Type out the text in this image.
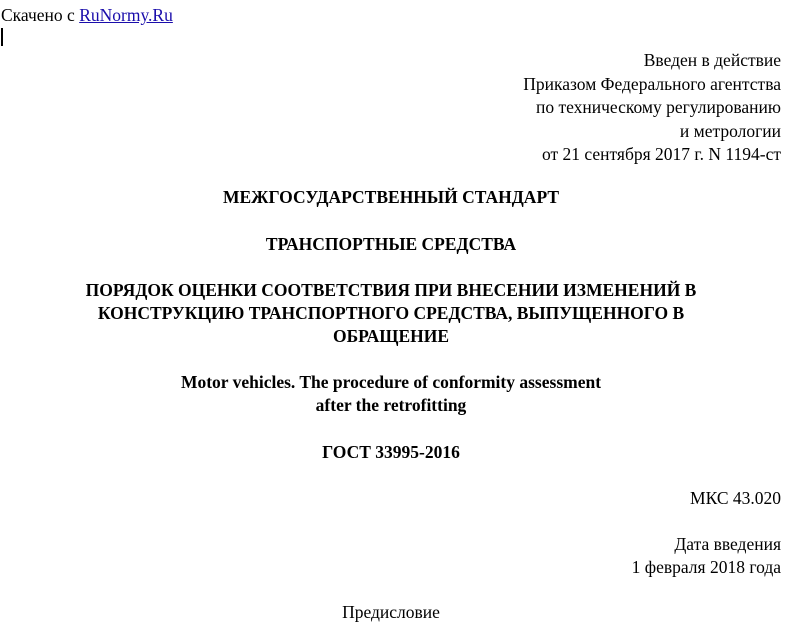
Скачено с RuNormy.Ru
Введен в действие
Приказом Федерального агентства
по техническому регулированию
и метрологии
от 21 сентября 2017 г. N 1194-ст
МЕЖГОСУДАРСТВЕННЫЙ СТАНДАРТ
ТРАНСПОРТНЫЕ СРЕДСТВА
ПОРЯДОК ОЦЕНКИ СООТВЕТСТВИЯ ПРИ ВНЕСЕНИИ ИЗМЕНЕНИЙ В
КОНСТРУКЦИЮ ТРАНСПОРТНОГО СРЕДСТВА, ВЫПУЩЕННОГО В
ОБРАЩЕНИЕ
Motor vehicles. The procedure of conformity assessment
after the retrofitting
ГОСТ 33995-2016
МКС 43.020
Дата введения
1 февраля 2018 года
Предисловие
